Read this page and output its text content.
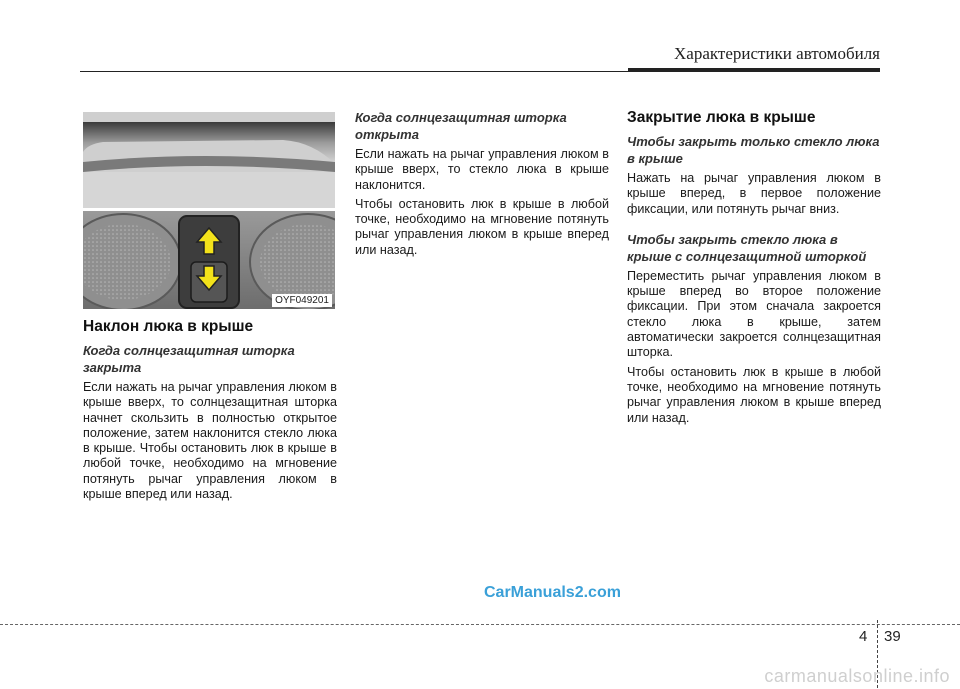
Характеристики автомобиля
OYF049201
Наклон люка в крыше
Когда солнцезащитная шторка закрыта

Если нажать на рычаг управления люком в крыше вверх, то солнцезащитная шторка начнет скользить в полностью открытое положение, затем наклонится стекло люка в крыше. Чтобы остановить люк в крыше в любой точке, необходимо на мгновение потянуть рычаг управления люком в крыше вперед или назад.

Когда солнцезащитная шторка открыта

Если нажать на рычаг управления люком в крыше вверх, то стекло люка в крыше наклонится.

Чтобы остановить люк в крыше в любой точке, необходимо на мгновение потянуть рычаг управления люком в крыше вперед или назад.

Закрытие люка в крыше
Чтобы закрыть только стекло люка в крыше

Нажать на рычаг управления люком в крыше вперед, в первое положение фиксации, или потянуть рычаг вниз.

Чтобы закрыть стекло люка в крыше с солнцезащитной шторкой

Переместить рычаг управления люком в крыше вперед во второе положение фиксации. При этом сначала закроется стекло люка в крыше, затем автоматически закроется солнцезащитная шторка.

Чтобы остановить люк в крыше в любой точке, необходимо на мгновение потянуть рычаг управления люком в крыше вперед или назад.

CarManuals2.com
4 39
carmanualsonline.info
